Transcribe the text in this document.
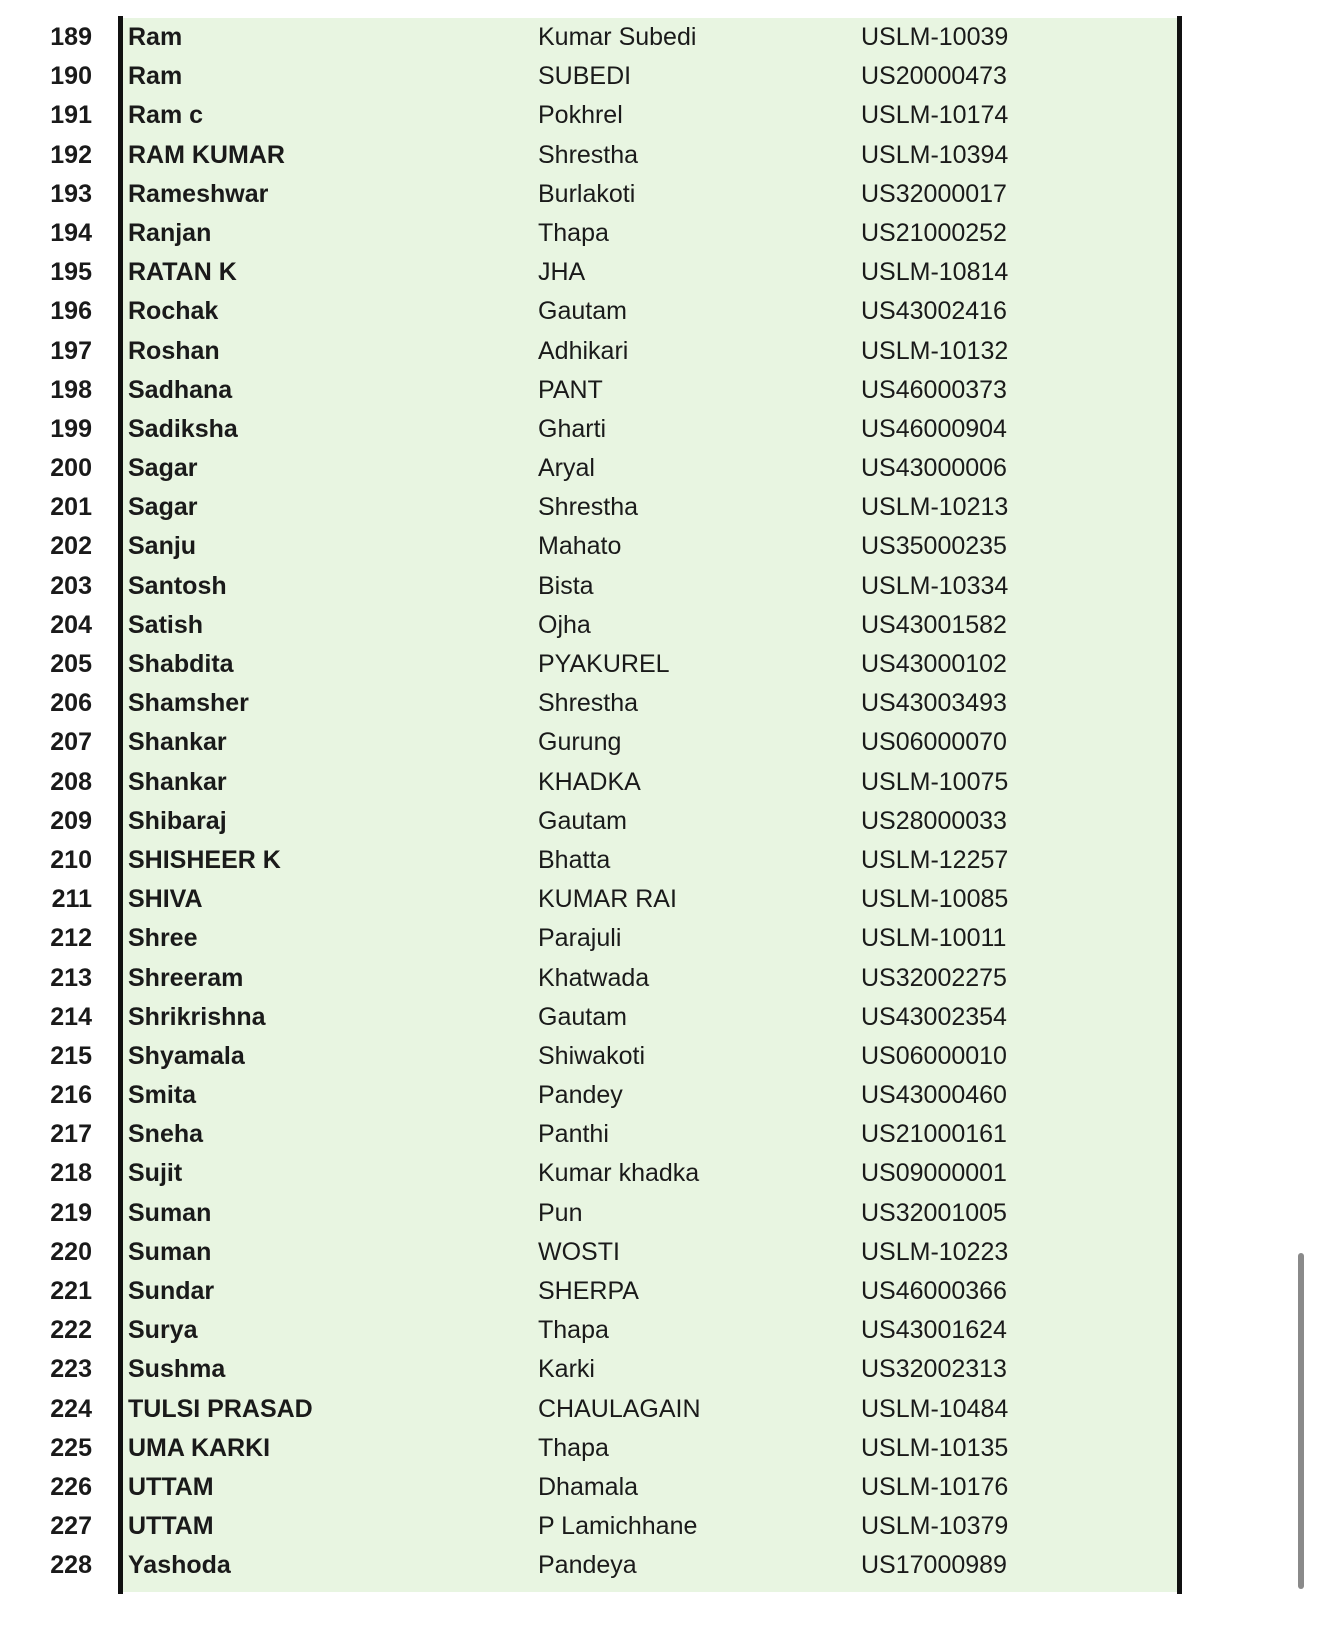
189 Ram	Kumar Subedi	USLM-10039
190 Ram	SUBEDI	US20000473
191 Ram c	Pokhrel	USLM-10174
192 RAM KUMAR	Shrestha	USLM-10394
193 Rameshwar	Burlakoti	US32000017
194 Ranjan	Thapa	US21000252
195 RATAN K	JHA	USLM-10814
196 Rochak	Gautam	US43002416
197 Roshan	Adhikari	USLM-10132
198 Sadhana	PANT	US46000373
199 Sadiksha	Gharti	US46000904
200 Sagar	Aryal	US43000006
201 Sagar	Shrestha	USLM-10213
202 Sanju	Mahato	US35000235
203 Santosh	Bista	USLM-10334
204 Satish	Ojha	US43001582
205 Shabdita	PYAKUREL	US43000102
206 Shamsher	Shrestha	US43003493
207 Shankar	Gurung	US06000070
208 Shankar	KHADKA	USLM-10075
209 Shibaraj	Gautam	US28000033
210 SHISHEER K	Bhatta	USLM-12257
211 SHIVA	KUMAR RAI	USLM-10085
212 Shree	Parajuli	USLM-10011
213 Shreeram	Khatwada	US32002275
214 Shrikrishna	Gautam	US43002354
215 Shyamala	Shiwakoti	US06000010
216 Smita	Pandey	US43000460
217 Sneha	Panthi	US21000161
218 Sujit	Kumar khadka	US09000001
219 Suman	Pun	US32001005
220 Suman	WOSTI	USLM-10223
221 Sundar	SHERPA	US46000366
222 Surya	Thapa	US43001624
223 Sushma	Karki	US32002313
224 TULSI PRASAD	CHAULAGAIN	USLM-10484
225 UMA KARKI	Thapa	USLM-10135
226 UTTAM	Dhamala	USLM-10176
227 UTTAM	P Lamichhane	USLM-10379
228 Yashoda	Pandeya	US17000989
